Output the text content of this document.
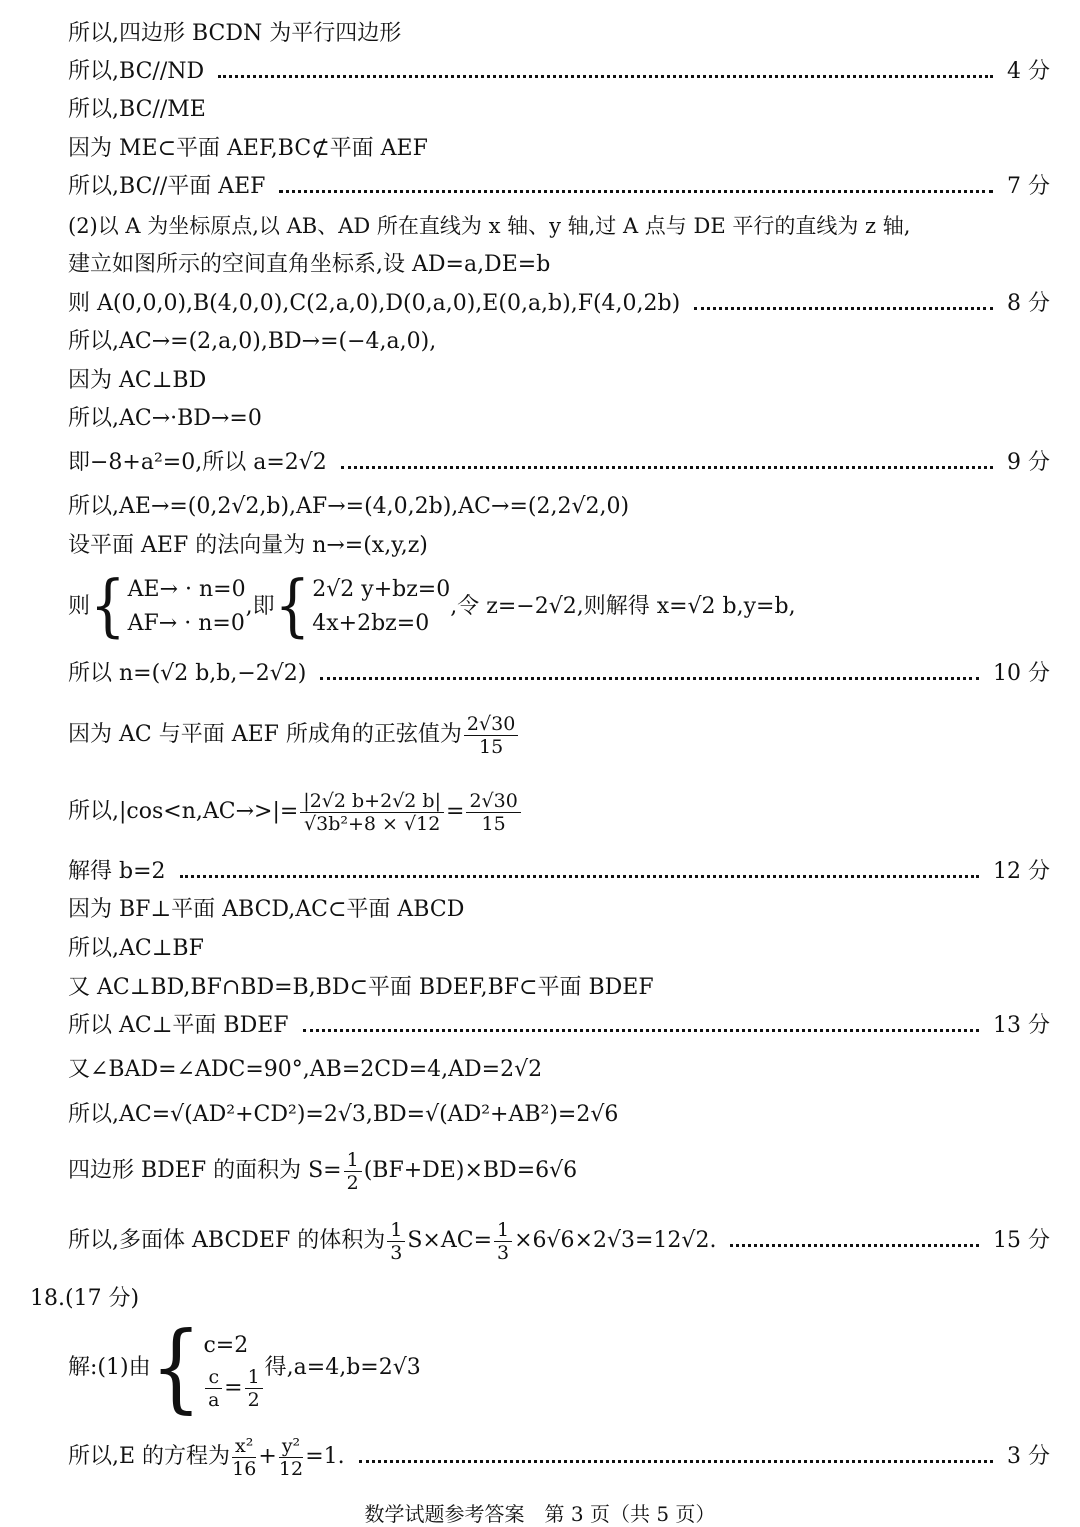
所以,四边形 BCDN 为平行四边形
所以,BC//ND	4 分
所以,BC//ME
因为 ME⊂平面 AEF,BC⊄平面 AEF
所以,BC//平面 AEF	7 分
(2)以 A 为坐标原点,以 AB、AD 所在直线为 x 轴、y 轴,过 A 点与 DE 平行的直线为 z 轴,
建立如图所示的空间直角坐标系,设 AD=a,DE=b
则 A(0,0,0),B(4,0,0),C(2,a,0),D(0,a,0),E(0,a,b),F(4,0,2b)	8 分
所以,AC→=(2,a,0),BD→=(−4,a,0),
因为 AC⊥BD
所以,AC→·BD→=0
即−8+a²=0,所以 a=2√2	9 分
所以,AE→=(0,2√2,b),AF→=(4,0,2b),AC→=(2,2√2,0)
设平面 AEF 的法向量为 n→=(x,y,z)
则 { AE→ · n=0
AF→ · n=0
,即 { 2√2 y+bz=0
4x+2bz=0
,令 z=−2√2,则解得 x=√2 b,y=b,
所以 n=(√2 b,b,−2√2)	10 分
因为 AC 与平面 AEF 所成角的正弦值为 $\frac{2√30}{15}$
所以$,|\cos<n,AC\to>|= \frac{|2√2 b+2√2 b|}{\text{√3b²+8 × √12}} = \frac{2√30}{15}$
解得 b=2	12 分
因为 BF⊥平面 ABCD,AC⊂平面 ABCD
所以,AC⊥BF
又 AC⊥BD,BF∩BD=B,BD⊂平面 BDEF,BF⊂平面 BDEF
所以 AC⊥平面 BDEF	13 分
又∠BAD=∠ADC=90°,AB=2CD=4,AD=2√2
所以,AC=√(AD²+CD²)=2√3,BD=√(AD²+AB²)=2√6
四边形 BDEF 的面积为 $S= \frac{1}{2} (BF+DE)\times BD=6√6$
所以,多面体 ABCDEF 的体积为 $\frac{1}{3} S\times AC= \frac{1}{3} \times 6√6\times 2√3=12√2$.	15 分
18.(17 分)
解:(1)由 { c=2
$\frac{c}{a} = \frac{1}{2}$ 得,a=4,b=2√3
所以,E 的方程为 $\frac{\text{x²}}{16} + \frac{\text{y²}}{12} =1$.	3 分
数学试题参考答案　第 3 页（共 5 页）
